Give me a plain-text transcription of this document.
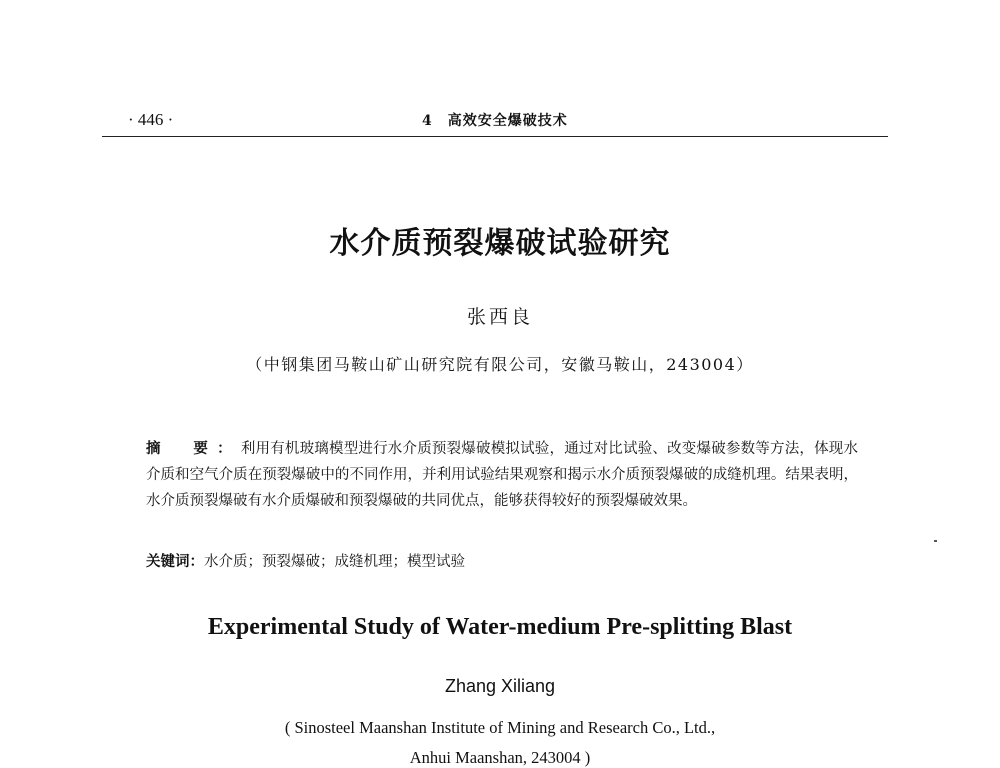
· 446 ·	4　高效安全爆破技术
水介质预裂爆破试验研究
张西良
（中钢集团马鞍山矿山研究院有限公司，安徽马鞍山，243004）
摘　要：利用有机玻璃模型进行水介质预裂爆破模拟试验，通过对比试验、改变爆破参数等方法，体现水介质和空气介质在预裂爆破中的不同作用，并利用试验结果观察和揭示水介质预裂爆破的成缝机理。结果表明，水介质预裂爆破有水介质爆破和预裂爆破的共同优点，能够获得较好的预裂爆破效果。
关键词：水介质；预裂爆破；成缝机理；模型试验
Experimental Study of Water-medium Pre-splitting Blast
Zhang Xiliang
( Sinosteel Maanshan Institute of Mining and Research Co., Ltd.,
Anhui Maanshan, 243004 )
